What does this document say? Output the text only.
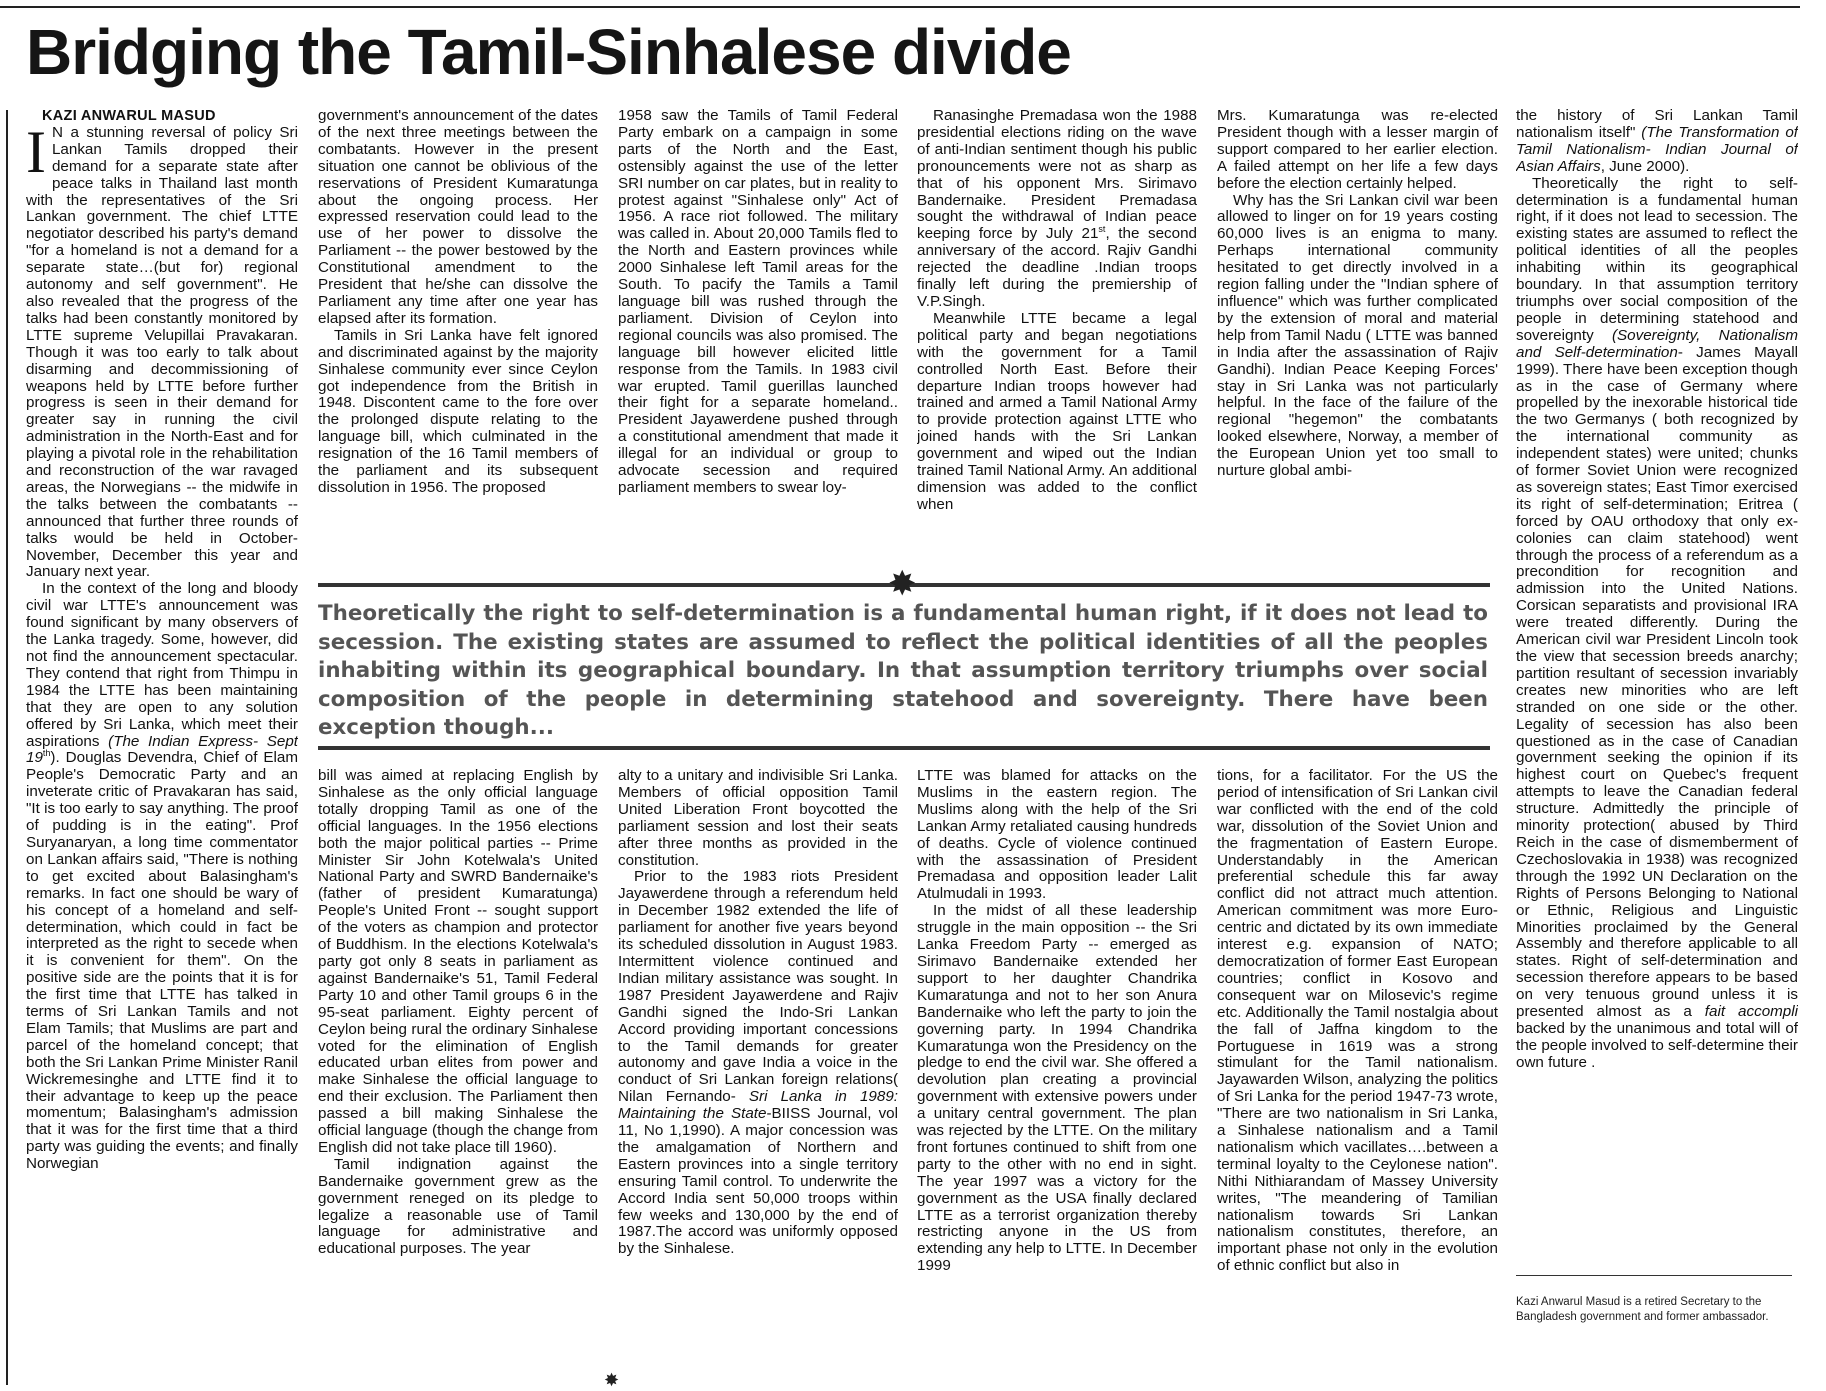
Bridging the Tamil-Sinhalese divide

KAZI ANWARUL MASUD

I N a stunning reversal of policy Sri Lankan Tamils dropped their demand for a separate state after peace talks in Thailand last month with the representatives of the Sri Lankan government. The chief LTTE negotiator described his party's demand "for a homeland is not a demand for a separate state…(but for) regional autonomy and self government". He also revealed that the progress of the talks had been constantly monitored by LTTE supreme Velupillai Pravakaran. Though it was too early to talk about disarming and decommissioning of weapons held by LTTE before further progress is seen in their demand for greater say in running the civil administration in the North-East and for playing a pivotal role in the rehabilitation and reconstruction of the war ravaged areas, the Norwegians -- the midwife in the talks between the combatants -- announced that further three rounds of talks would be held in October-November, December this year and January next year.

In the context of the long and bloody civil war LTTE's announcement was found significant by many observers of the Lanka tragedy. Some, however, did not find the announcement spectacular. They contend that right from Thimpu in 1984 the LTTE has been maintaining that they are open to any solution offered by Sri Lanka, which meet their aspirations (The Indian Express- Sept 19th). Douglas Devendra, Chief of Elam People's Democratic Party and an inveterate critic of Pravakaran has said, "It is too early to say anything. The proof of pudding is in the eating". Prof Suryanaryan, a long time commentator on Lankan affairs said, "There is nothing to get excited about Balasingham's remarks. In fact one should be wary of his concept of a homeland and self-determination, which could in fact be interpreted as the right to secede when it is convenient for them". On the positive side are the points that it is for the first time that LTTE has talked in terms of Sri Lankan Tamils and not Elam Tamils; that Muslims are part and parcel of the homeland concept; that both the Sri Lankan Prime Minister Ranil Wickremesinghe and LTTE find it to their advantage to keep up the peace momentum; Balasingham's admission that it was for the first time that a third party was guiding the events; and finally Norwegian

government's announcement of the dates of the next three meetings between the combatants. However in the present situation one cannot be oblivious of the reservations of President Kumaratunga about the ongoing process. Her expressed reservation could lead to the use of her power to dissolve the Parliament -- the power bestowed by the Constitutional amendment to the President that he/she can dissolve the Parliament any time after one year has elapsed after its formation.

Tamils in Sri Lanka have felt ignored and discriminated against by the majority Sinhalese community ever since Ceylon got independence from the British in 1948. Discontent came to the fore over the prolonged dispute relating to the language bill, which culminated in the resignation of the 16 Tamil members of the parliament and its subsequent dissolution in 1956. The proposed

1958 saw the Tamils of Tamil Federal Party embark on a campaign in some parts of the North and the East, ostensibly against the use of the letter SRI number on car plates, but in reality to protest against "Sinhalese only" Act of 1956. A race riot followed. The military was called in. About 20,000 Tamils fled to the North and Eastern provinces while 2000 Sinhalese left Tamil areas for the South. To pacify the Tamils a Tamil language bill was rushed through the parliament. Division of Ceylon into regional councils was also promised. The language bill however elicited little response from the Tamils. In 1983 civil war erupted. Tamil guerillas launched their fight for a separate homeland.. President Jayawerdene pushed through a constitutional amendment that made it illegal for an individual or group to advocate secession and required parliament members to swear loy-

Ranasinghe Premadasa won the 1988 presidential elections riding on the wave of anti-Indian sentiment though his public pronouncements were not as sharp as that of his opponent Mrs. Sirimavo Bandernaike. President Premadasa sought the withdrawal of Indian peace keeping force by July 21st, the second anniversary of the accord. Rajiv Gandhi rejected the deadline .Indian troops finally left during the premiership of V.P.Singh.

Meanwhile LTTE became a legal political party and began negotiations with the government for a Tamil controlled North East. Before their departure Indian troops however had trained and armed a Tamil National Army to provide protection against LTTE who joined hands with the Sri Lankan government and wiped out the Indian trained Tamil National Army. An additional dimension was added to the conflict when

Mrs. Kumaratunga was re-elected President though with a lesser margin of support compared to her earlier election. A failed attempt on her life a few days before the election certainly helped.

Why has the Sri Lankan civil war been allowed to linger on for 19 years costing 60,000 lives is an enigma to many. Perhaps international community hesitated to get directly involved in a region falling under the "Indian sphere of influence" which was further complicated by the extension of moral and material help from Tamil Nadu ( LTTE was banned in India after the assassination of Rajiv Gandhi). Indian Peace Keeping Forces' stay in Sri Lanka was not particularly helpful. In the face of the failure of the regional "hegemon" the combatants looked elsewhere, Norway, a member of the European Union yet too small to nurture global ambi-

✸
Theoretically the right to self-determination is a fundamental human right, if it does not lead to secession. The existing states are assumed to reflect the political identities of all the peoples inhabiting within its geographical boundary. In that assumption territory triumphs over social composition of the people in determining statehood and sovereignty. There have been exception though...

bill was aimed at replacing English by Sinhalese as the only official language totally dropping Tamil as one of the official languages. In the 1956 elections both the major political parties -- Prime Minister Sir John Kotelwala's United National Party and SWRD Bandernaike's (father of president Kumaratunga) People's United Front -- sought support of the voters as champion and protector of Buddhism. In the elections Kotelwala's party got only 8 seats in parliament as against Bandernaike's 51, Tamil Federal Party 10 and other Tamil groups 6 in the 95-seat parliament. Eighty percent of Ceylon being rural the ordinary Sinhalese voted for the elimination of English educated urban elites from power and make Sinhalese the official language to end their exclusion. The Parliament then passed a bill making Sinhalese the official language (though the change from English did not take place till 1960).

Tamil indignation against the Bandernaike government grew as the government reneged on its pledge to legalize a reasonable use of Tamil language for administrative and educational purposes. The year

alty to a unitary and indivisible Sri Lanka. Members of official opposition Tamil United Liberation Front boycotted the parliament session and lost their seats after three months as provided in the constitution.

Prior to the 1983 riots President Jayawerdene through a referendum held in December 1982 extended the life of parliament for another five years beyond its scheduled dissolution in August 1983. Intermittent violence continued and Indian military assistance was sought. In 1987 President Jayawerdene and Rajiv Gandhi signed the Indo-Sri Lankan Accord providing important concessions to the Tamil demands for greater autonomy and gave India a voice in the conduct of Sri Lankan foreign relations( Nilan Fernando- Sri Lanka in 1989: Maintaining the State-BIISS Journal, vol 11, No 1,1990). A major concession was the amalgamation of Northern and Eastern provinces into a single territory ensuring Tamil control. To underwrite the Accord India sent 50,000 troops within few weeks and 130,000 by the end of 1987.The accord was uniformly opposed by the Sinhalese.

LTTE was blamed for attacks on the Muslims in the eastern region. The Muslims along with the help of the Sri Lankan Army retaliated causing hundreds of deaths. Cycle of violence continued with the assassination of President Premadasa and opposition leader Lalit Atulmudali in 1993.

In the midst of all these leadership struggle in the main opposition -- the Sri Lanka Freedom Party -- emerged as Sirimavo Bandernaike extended her support to her daughter Chandrika Kumaratunga and not to her son Anura Bandernaike who left the party to join the governing party. In 1994 Chandrika Kumaratunga won the Presidency on the pledge to end the civil war. She offered a devolution plan creating a provincial government with extensive powers under a unitary central government. The plan was rejected by the LTTE. On the military front fortunes continued to shift from one party to the other with no end in sight. The year 1997 was a victory for the government as the USA finally declared LTTE as a terrorist organization thereby restricting anyone in the US from extending any help to LTTE. In December 1999

tions, for a facilitator. For the US the period of intensification of Sri Lankan civil war conflicted with the end of the cold war, dissolution of the Soviet Union and the fragmentation of Eastern Europe. Understandably in the American preferential schedule this far away conflict did not attract much attention. American commitment was more Euro-centric and dictated by its own immediate interest e.g. expansion of NATO; democratization of former East European countries; conflict in Kosovo and consequent war on Milosevic's regime etc. Additionally the Tamil nostalgia about the fall of Jaffna kingdom to the Portuguese in 1619 was a strong stimulant for the Tamil nationalism. Jayawarden Wilson, analyzing the politics of Sri Lanka for the period 1947-73 wrote, "There are two nationalism in Sri Lanka, a Sinhalese nationalism and a Tamil nationalism which vacillates….between a terminal loyalty to the Ceylonese nation". Nithi Nithiarandam of Massey University writes, "The meandering of Tamilian nationalism towards Sri Lankan nationalism constitutes, therefore, an important phase not only in the evolution of ethnic conflict but also in

the history of Sri Lankan Tamil nationalism itself" (The Transformation of Tamil Nationalism- Indian Journal of Asian Affairs, June 2000).

Theoretically the right to self-determination is a fundamental human right, if it does not lead to secession. The existing states are assumed to reflect the political identities of all the peoples inhabiting within its geographical boundary. In that assumption territory triumphs over social composition of the people in determining statehood and sovereignty (Sovereignty, Nationalism and Self-determination- James Mayall 1999). There have been exception though as in the case of Germany where propelled by the inexorable historical tide the two Germanys ( both recognized by the international community as independent states) were united; chunks of former Soviet Union were recognized as sovereign states; East Timor exercised its right of self-determination; Eritrea ( forced by OAU orthodoxy that only ex-colonies can claim statehood) went through the process of a referendum as a precondition for recognition and admission into the United Nations. Corsican separatists and provisional IRA were treated differently. During the American civil war President Lincoln took the view that secession breeds anarchy; partition resultant of secession invariably creates new minorities who are left stranded on one side or the other. Legality of secession has also been questioned as in the case of Canadian government seeking the opinion if its highest court on Quebec's frequent attempts to leave the Canadian federal structure. Admittedly the principle of minority protection( abused by Third Reich in the case of dismemberment of Czechoslovakia in 1938) was recognized through the 1992 UN Declaration on the Rights of Persons Belonging to National or Ethnic, Religious and Linguistic Minorities proclaimed by the General Assembly and therefore applicable to all states. Right of self-determination and secession therefore appears to be based on very tenuous ground unless it is presented almost as a fait accompli backed by the unanimous and total will of the people involved to self-determine their own future .

Kazi Anwarul Masud is a retired Secretary to the Bangladesh government and former ambassador.
✸
